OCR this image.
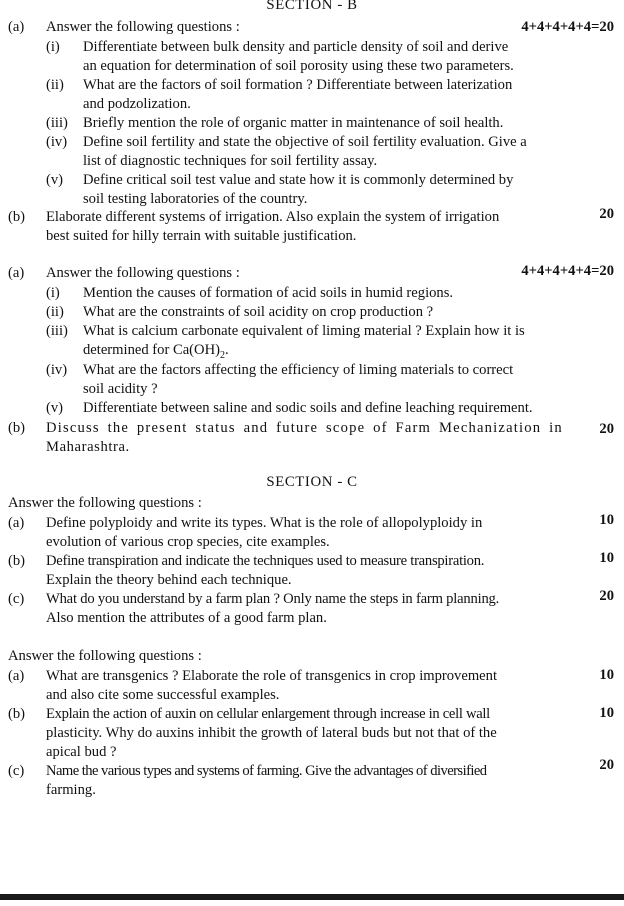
SECTION - B
(a) Answer the following questions :	4+4+4+4+4=20
(i) Differentiate between bulk density and particle density of soil and derive
an equation for determination of soil porosity using these two parameters.
(ii) What are the factors of soil formation ? Differentiate between laterization
and podzolization.
(iii) Briefly mention the role of organic matter in maintenance of soil health.
(iv) Define soil fertility and state the objective of soil fertility evaluation. Give a
list of diagnostic techniques for soil fertility assay.
(v) Define critical soil test value and state how it is commonly determined by
soil testing laboratories of the country.
(b) Elaborate different systems of irrigation. Also explain the system of irrigation
best suited for hilly terrain with suitable justification.
20
(a) Answer the following questions :	4+4+4+4+4=20
(i) Mention the causes of formation of acid soils in humid regions.
(ii) What are the constraints of soil acidity on crop production ?
(iii) What is calcium carbonate equivalent of liming material ? Explain how it is
determined for $Ca(OH)_2$.
(iv) What are the factors affecting the efficiency of liming materials to correct
soil acidity ?
(v) Differentiate between saline and sodic soils and define leaching requirement.
(b) Discuss the present status and future scope of Farm Mechanization in
Maharashtra.
20
SECTION - C
Answer the following questions :
(a) Define polyploidy and write its types. What is the role of allopolyploidy in
evolution of various crop species, cite examples.
10
(b) Define transpiration and indicate the techniques used to measure transpiration.
Explain the theory behind each technique.
10
(c) What do you understand by a farm plan ? Only name the steps in farm planning.
Also mention the attributes of a good farm plan.
20
Answer the following questions :
(a) What are transgenics ? Elaborate the role of transgenics in crop improvement
and also cite some successful examples.
10
(b) Explain the action of auxin on cellular enlargement through increase in cell wall
plasticity. Why do auxins inhibit the growth of lateral buds but not that of the
apical bud ?
10
(c) Name the various types and systems of farming. Give the advantages of diversified
farming.
20
